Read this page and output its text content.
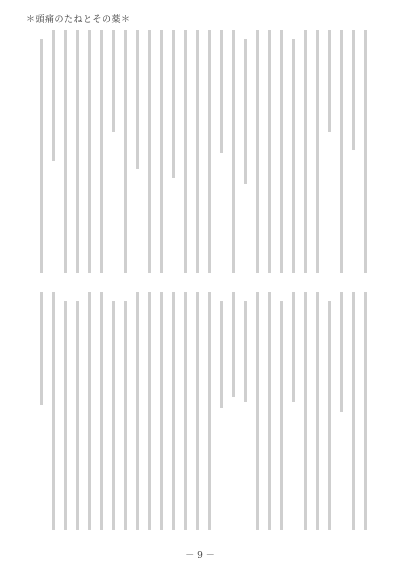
＊頭痛のたねとその薬＊
－ 9 －
